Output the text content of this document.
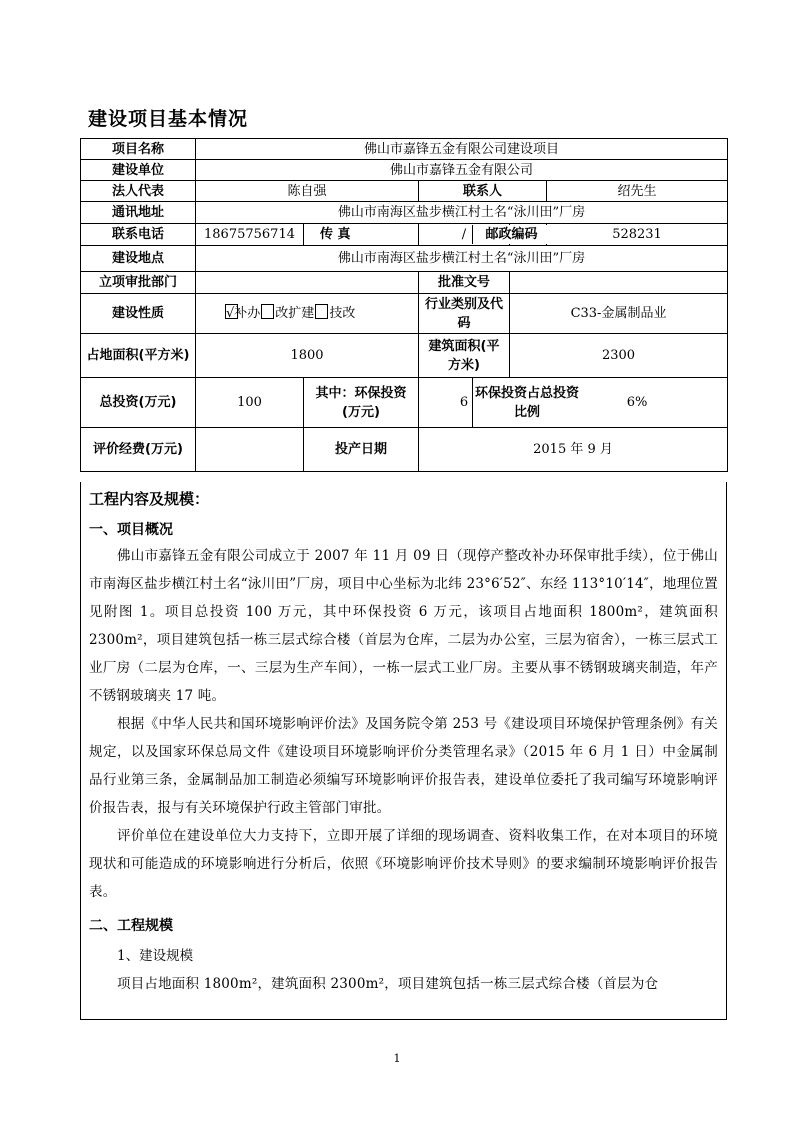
建设项目基本情况
项目名称	佛山市嘉锋五金有限公司建设项目				
建设单位	佛山市嘉锋五金有限公司				
法人代表	陈自强		联系人		绍先生
通讯地址	佛山市南海区盐步横江村土名“泳川田”厂房				
联系电话	18675756714	传 真	/	邮政编码	528231
建设地点	佛山市南海区盐步横江村土名“泳川田”厂房				
立项审批部门			批准文号		
建设性质	√补办 改扩建 技改		行业类别及代码	C33-金属制品业	
占地面积(平方米)	1800		建筑面积(平方米)	2300	
总投资(万元)	100	其中：环保投资(万元)	6	环保投资占总投资比例	6%
评价经费(万元)		投产日期	2015 年 9 月		
工程内容及规模：
一、项目概况

佛山市嘉锋五金有限公司成立于 2007 年 11 月 09 日（现停产整改补办环保审批手续），位于佛山市南海区盐步横江村土名“泳川田”厂房，项目中心坐标为北纬 23°6′52″、东经 113°10′14″，地理位置见附图 1。项目总投资 100 万元，其中环保投资 6 万元，该项目占地面积 1800m²，建筑面积 2300m²，项目建筑包括一栋三层式综合楼（首层为仓库，二层为办公室，三层为宿舍），一栋三层式工业厂房（二层为仓库，一、三层为生产车间），一栋一层式工业厂房。主要从事不锈钢玻璃夹制造，年产不锈钢玻璃夹 17 吨。

根据《中华人民共和国环境影响评价法》及国务院令第 253 号《建设项目环境保护管理条例》有关规定，以及国家环保总局文件《建设项目环境影响评价分类管理名录》（2015 年 6 月 1 日）中金属制品行业第三条，金属制品加工制造必须编写环境影响评价报告表，建设单位委托了我司编写环境影响评价报告表，报与有关环境保护行政主管部门审批。

评价单位在建设单位大力支持下，立即开展了详细的现场调查、资料收集工作，在对本项目的环境现状和可能造成的环境影响进行分析后，依照《环境影响评价技术导则》的要求编制环境影响评价报告表。

二、工程规模
1、建设规模

项目占地面积 1800m²，建筑面积 2300m²，项目建筑包括一栋三层式综合楼（首层为仓

1
